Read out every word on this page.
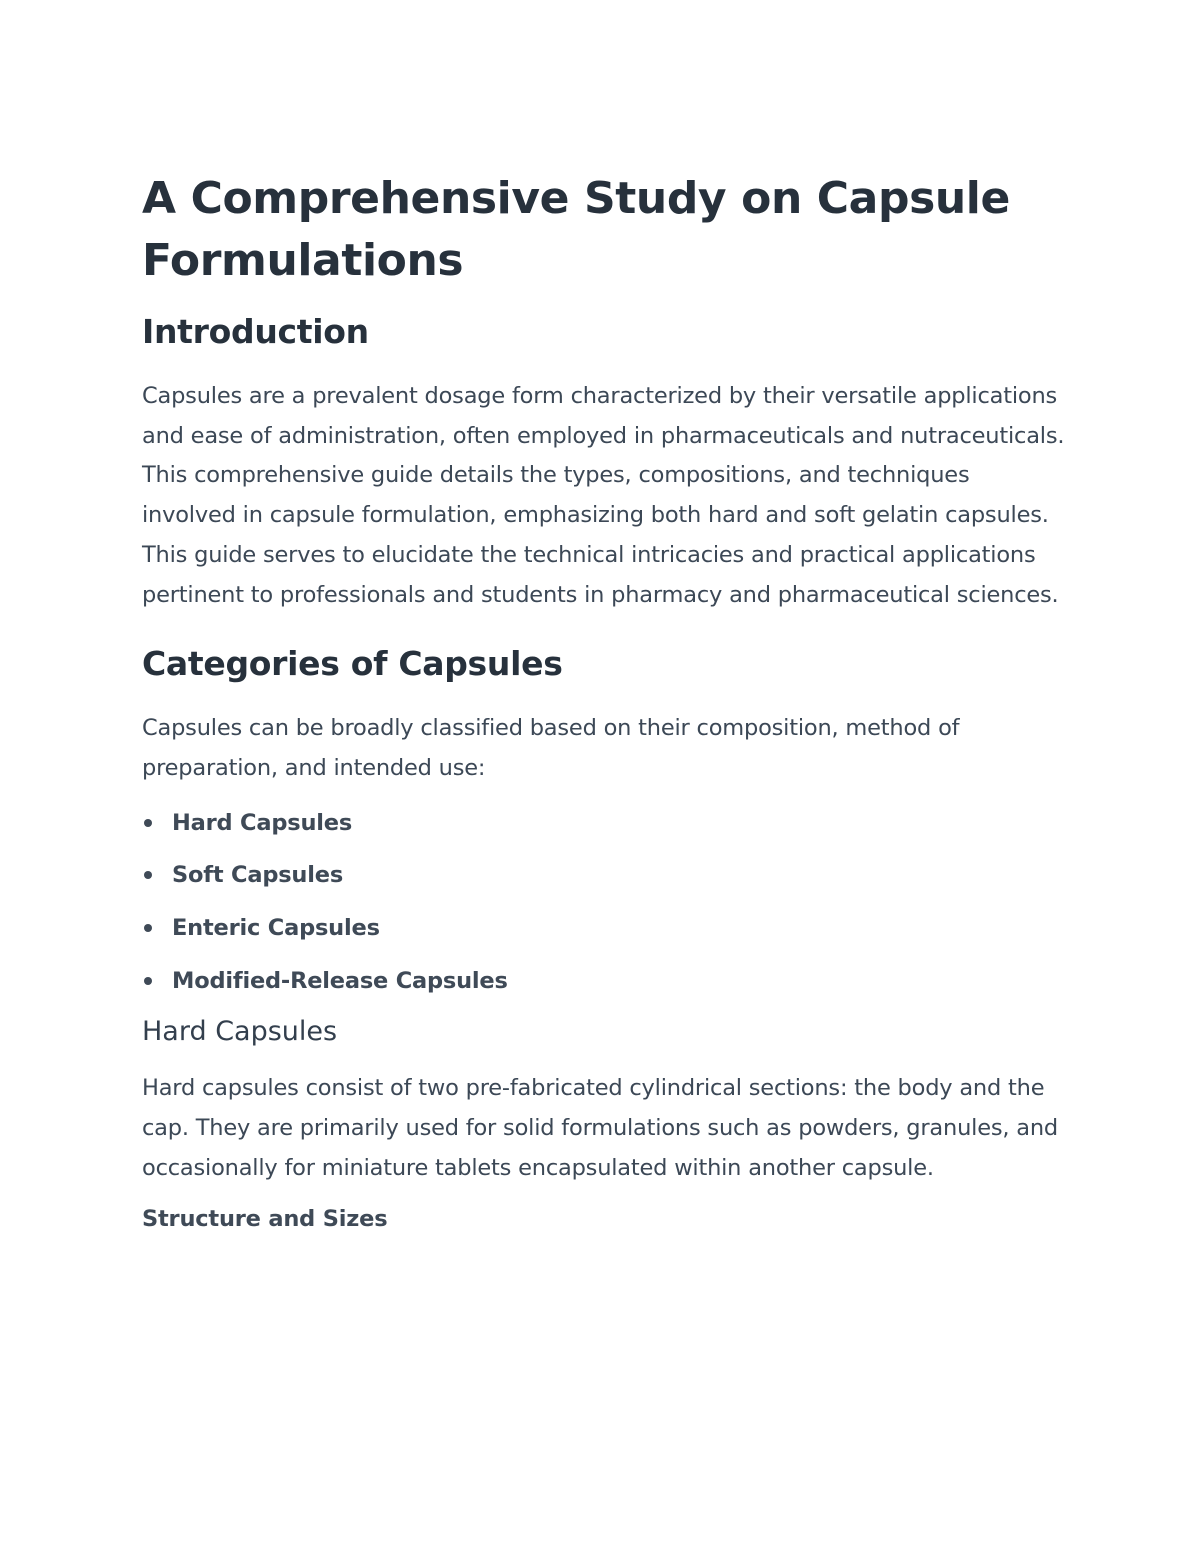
A Comprehensive Study on Capsule Formulations
Introduction

Capsules are a prevalent dosage form characterized by their versatile applications and ease of administration, often employed in pharmaceuticals and nutraceuticals. This comprehensive guide details the types, compositions, and techniques involved in capsule formulation, emphasizing both hard and soft gelatin capsules. This guide serves to elucidate the technical intricacies and practical applications pertinent to professionals and students in pharmacy and pharmaceutical sciences.

Categories of Capsules

Capsules can be broadly classified based on their composition, method of preparation, and intended use:

Hard Capsules
Soft Capsules
Enteric Capsules
Modified-Release Capsules
Hard Capsules

Hard capsules consist of two pre-fabricated cylindrical sections: the body and the cap. They are primarily used for solid formulations such as powders, granules, and occasionally for miniature tablets encapsulated within another capsule.

Structure and Sizes
